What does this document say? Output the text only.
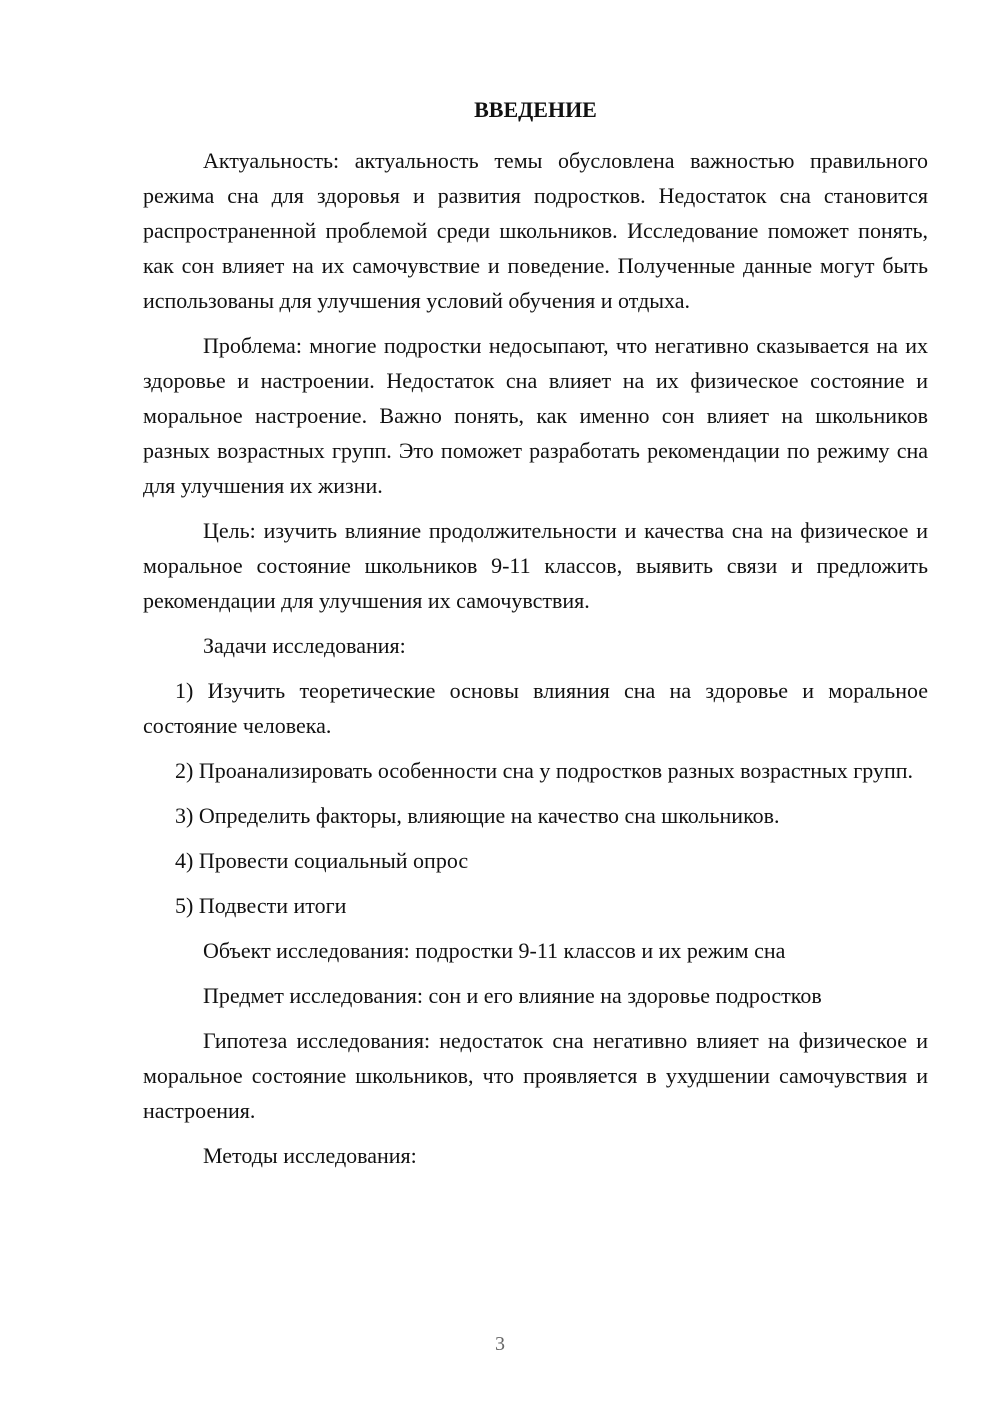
ВВЕДЕНИЕ

Актуальность: актуальность темы обусловлена важностью правильного режима сна для здоровья и развития подростков. Недостаток сна становится распространенной проблемой среди школьников. Исследование поможет понять, как сон влияет на их самочувствие и поведение. Полученные данные могут быть использованы для улучшения условий обучения и отдыха.

Проблема: многие подростки недосыпают, что негативно сказывается на их здоровье и настроении. Недостаток сна влияет на их физическое состояние и моральное настроение. Важно понять, как именно сон влияет на школьников разных возрастных групп. Это поможет разработать рекомендации по режиму сна для улучшения их жизни.

Цель: изучить влияние продолжительности и качества сна на физическое и моральное состояние школьников 9-11 классов, выявить связи и предложить рекомендации для улучшения их самочувствия.

Задачи исследования:

1) Изучить теоретические основы влияния сна на здоровье и моральное состояние человека.

2) Проанализировать особенности сна у подростков разных возрастных групп.

3) Определить факторы, влияющие на качество сна школьников.

4) Провести социальный опрос

5) Подвести итоги

Объект исследования: подростки 9-11 классов и их режим сна

Предмет исследования: сон и его влияние на здоровье подростков

Гипотеза исследования: недостаток сна негативно влияет на физическое и моральное состояние школьников, что проявляется в ухудшении самочувствия и настроения.

Методы исследования:

3
